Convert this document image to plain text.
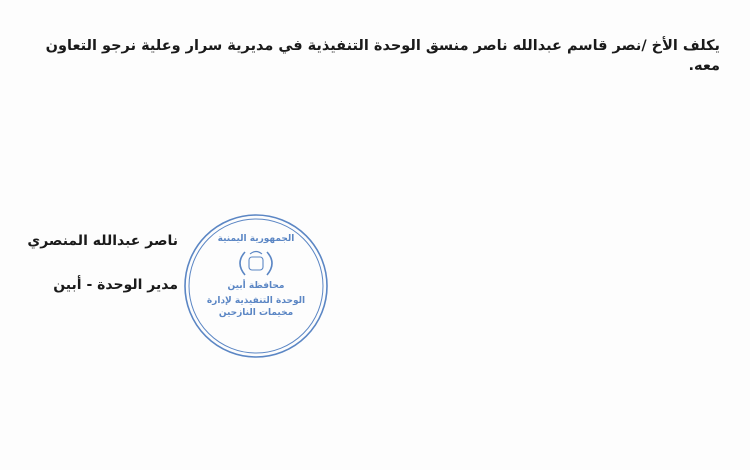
يكلف الأخ /نصر قاسم عبدالله ناصر منسق الوحدة التنفيذية في مديرية سرار وعلية نرجو التعاون معه.
ناصر عبدالله المنصري
مدير الوحدة - أبين
الجمهورية اليمنية
محافظة أبين
الوحدة التنفيذية لإدارة مخيمات النازحين
